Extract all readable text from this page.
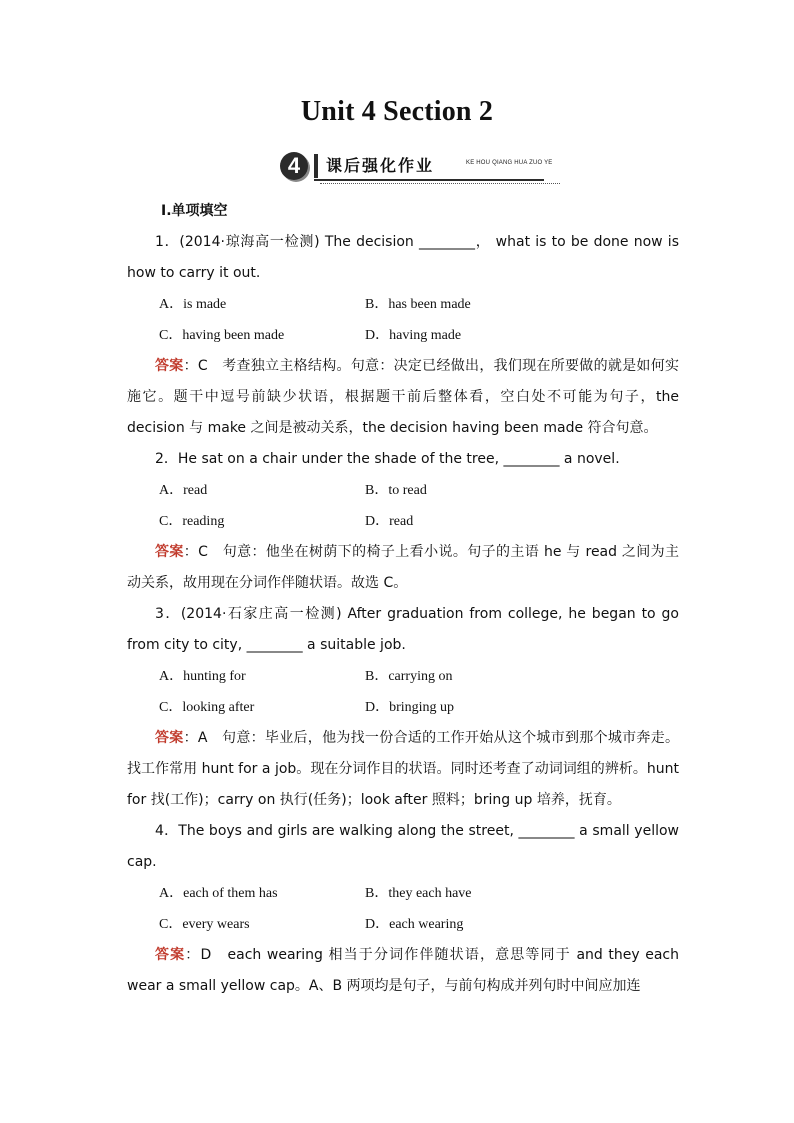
Unit 4 Section 2
4	课后强化作业	KE HOU QIANG HUA ZUO YE
Ⅰ.单项填空
1．(2014·琼海高一检测) The decision ________， what is to be done now is how to carry it out.
A．is made	B．has been made
C．having been made	D．having made
答案：C　考查独立主格结构。句意：决定已经做出，我们现在所要做的就是如何实施它。题干中逗号前缺少状语，根据题干前后整体看，空白处不可能为句子，the decision 与 make 之间是被动关系，the decision having been made 符合句意。
2．He sat on a chair under the shade of the tree, ________ a novel.
A．read	B．to read
C．reading	D．read
答案：C　句意：他坐在树荫下的椅子上看小说。句子的主语 he 与 read 之间为主动关系，故用现在分词作伴随状语。故选 C。
3．(2014·石家庄高一检测) After graduation from college, he began to go from city to city, ________ a suitable job.
A．hunting for	B．carrying on
C．looking after	D．bringing up
答案：A　句意：毕业后，他为找一份合适的工作开始从这个城市到那个城市奔走。找工作常用 hunt for a job。现在分词作目的状语。同时还考查了动词词组的辨析。hunt for 找(工作)；carry on 执行(任务)；look after 照料；bring up 培养，抚育。
4．The boys and girls are walking along the street, ________ a small yellow cap.
A．each of them has	B．they each have
C．every wears	D．each wearing
答案：D　each wearing 相当于分词作伴随状语，意思等同于 and they each wear a small yellow cap。A、B 两项均是句子，与前句构成并列句时中间应加连
